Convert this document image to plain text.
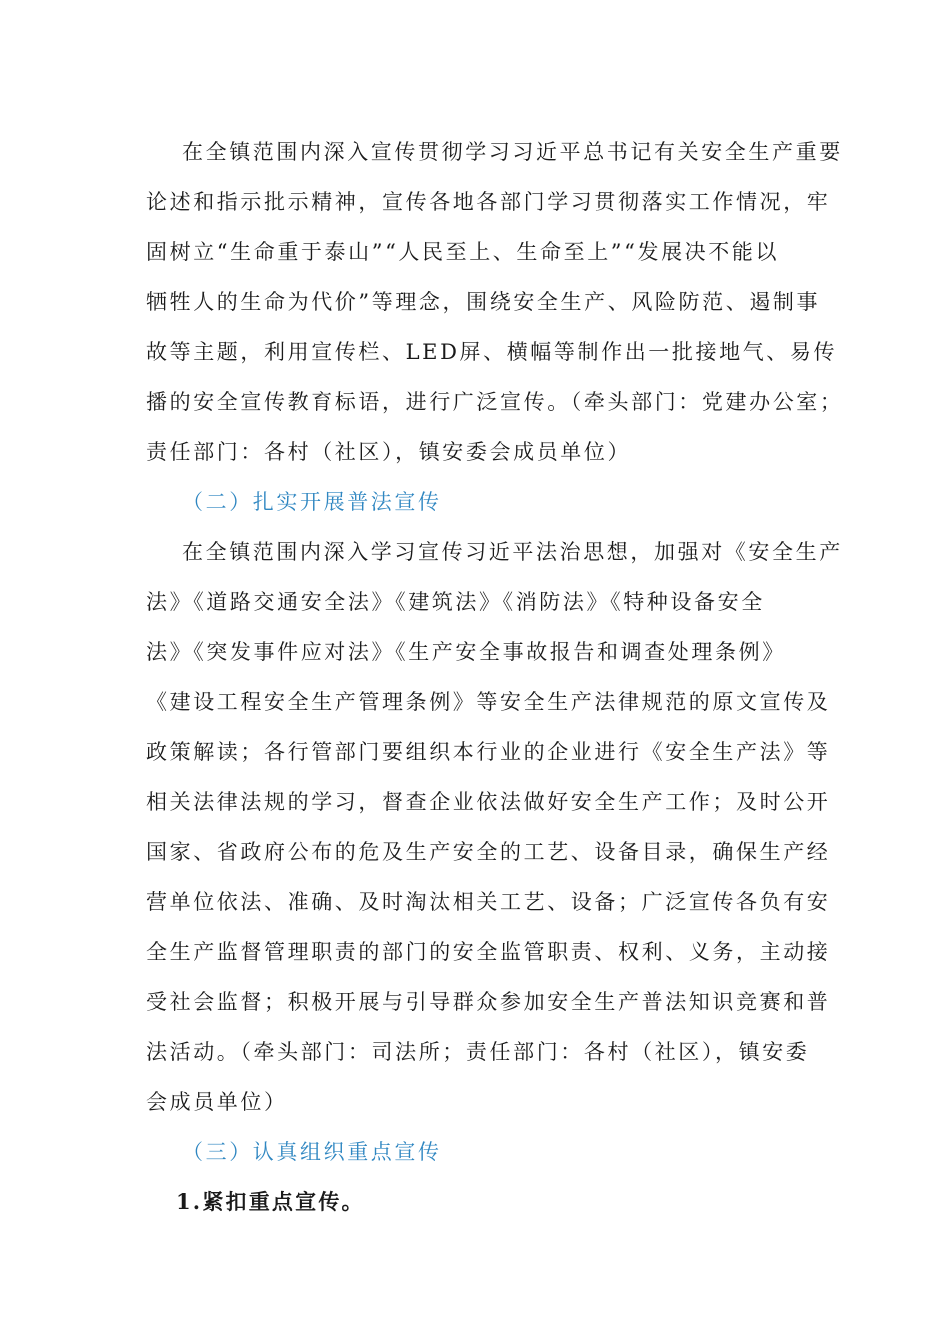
在全镇范围内深入宣传贯彻学习习近平总书记有关安全生产重要
论述和指示批示精神，宣传各地各部门学习贯彻落实工作情况，牢
固树立“生命重于泰山”“人民至上、生命至上”“发展决不能以
牺牲人的生命为代价”等理念，围绕安全生产、风险防范、遏制事
故等主题，利用宣传栏、LED屏、横幅等制作出一批接地气、易传
播的安全宣传教育标语，进行广泛宣传。（牵头部门：党建办公室；
责任部门：各村（社区），镇安委会成员单位）
（二）扎实开展普法宣传
在全镇范围内深入学习宣传习近平法治思想，加强对《安全生产
法》《道路交通安全法》《建筑法》《消防法》《特种设备安全
法》《突发事件应对法》《生产安全事故报告和调查处理条例》
《建设工程安全生产管理条例》等安全生产法律规范的原文宣传及
政策解读；各行管部门要组织本行业的企业进行《安全生产法》等
相关法律法规的学习，督查企业依法做好安全生产工作；及时公开
国家、省政府公布的危及生产安全的工艺、设备目录，确保生产经
营单位依法、准确、及时淘汰相关工艺、设备；广泛宣传各负有安
全生产监督管理职责的部门的安全监管职责、权利、义务，主动接
受社会监督；积极开展与引导群众参加安全生产普法知识竞赛和普
法活动。（牵头部门：司法所；责任部门：各村（社区），镇安委
会成员单位）
（三）认真组织重点宣传
1.紧扣重点宣传。
